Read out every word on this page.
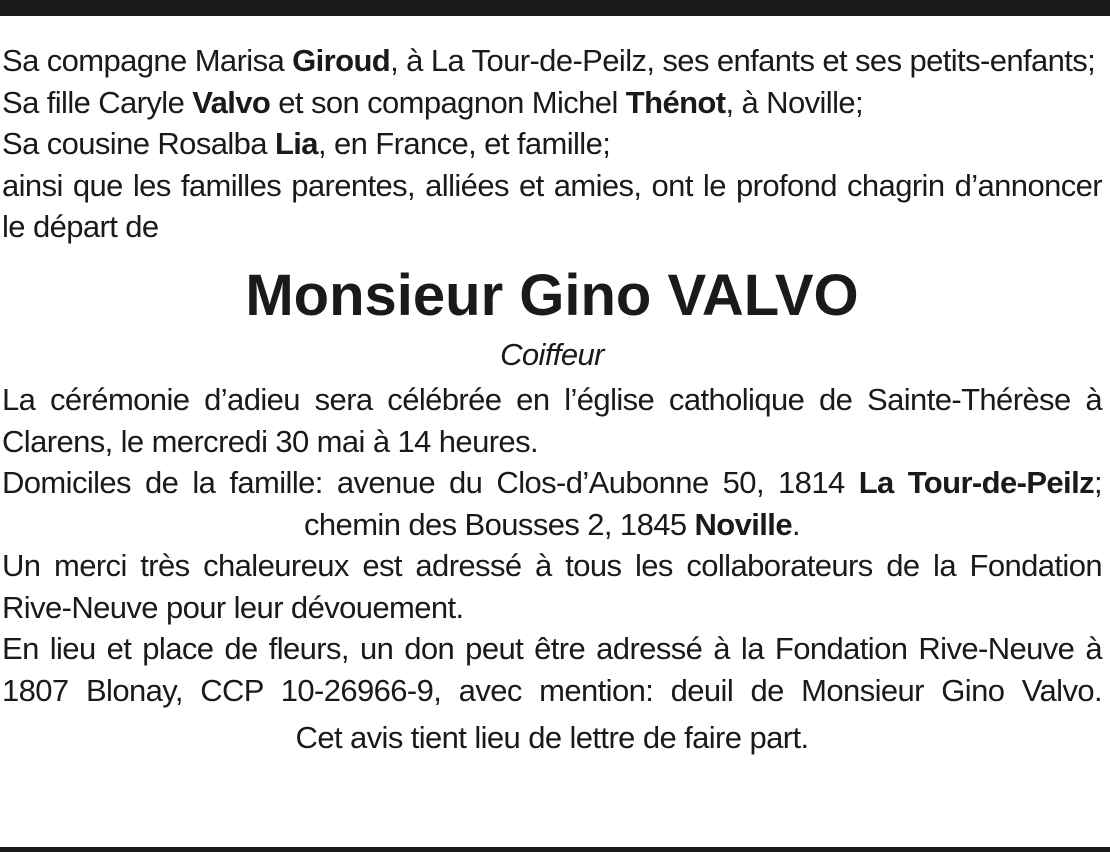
Sa compagne Marisa Giroud, à La Tour-de-Peilz, ses enfants et ses petits-enfants;

Sa fille Caryle Valvo et son compagnon Michel Thénot, à Noville;

Sa cousine Rosalba Lia, en France, et famille;

ainsi que les familles parentes, alliées et amies, ont le profond chagrin d’annoncer le départ de

Monsieur Gino VALVO

Coiffeur

La cérémonie d’adieu sera célébrée en l’église catholique de Sainte-Thérèse à Clarens, le mercredi 30 mai à 14 heures.

Domiciles de la famille: avenue du Clos-d’Aubonne 50, 1814 La Tour-de-Peilz;

chemin des Bousses 2, 1845 Noville.

Un merci très chaleureux est adressé à tous les collaborateurs de la Fondation Rive-Neuve pour leur dévouement.

En lieu et place de fleurs, un don peut être adressé à la Fondation Rive-Neuve à 1807 Blonay, CCP 10-26966-9, avec mention: deuil de Monsieur Gino Valvo.

Cet avis tient lieu de lettre de faire part.
